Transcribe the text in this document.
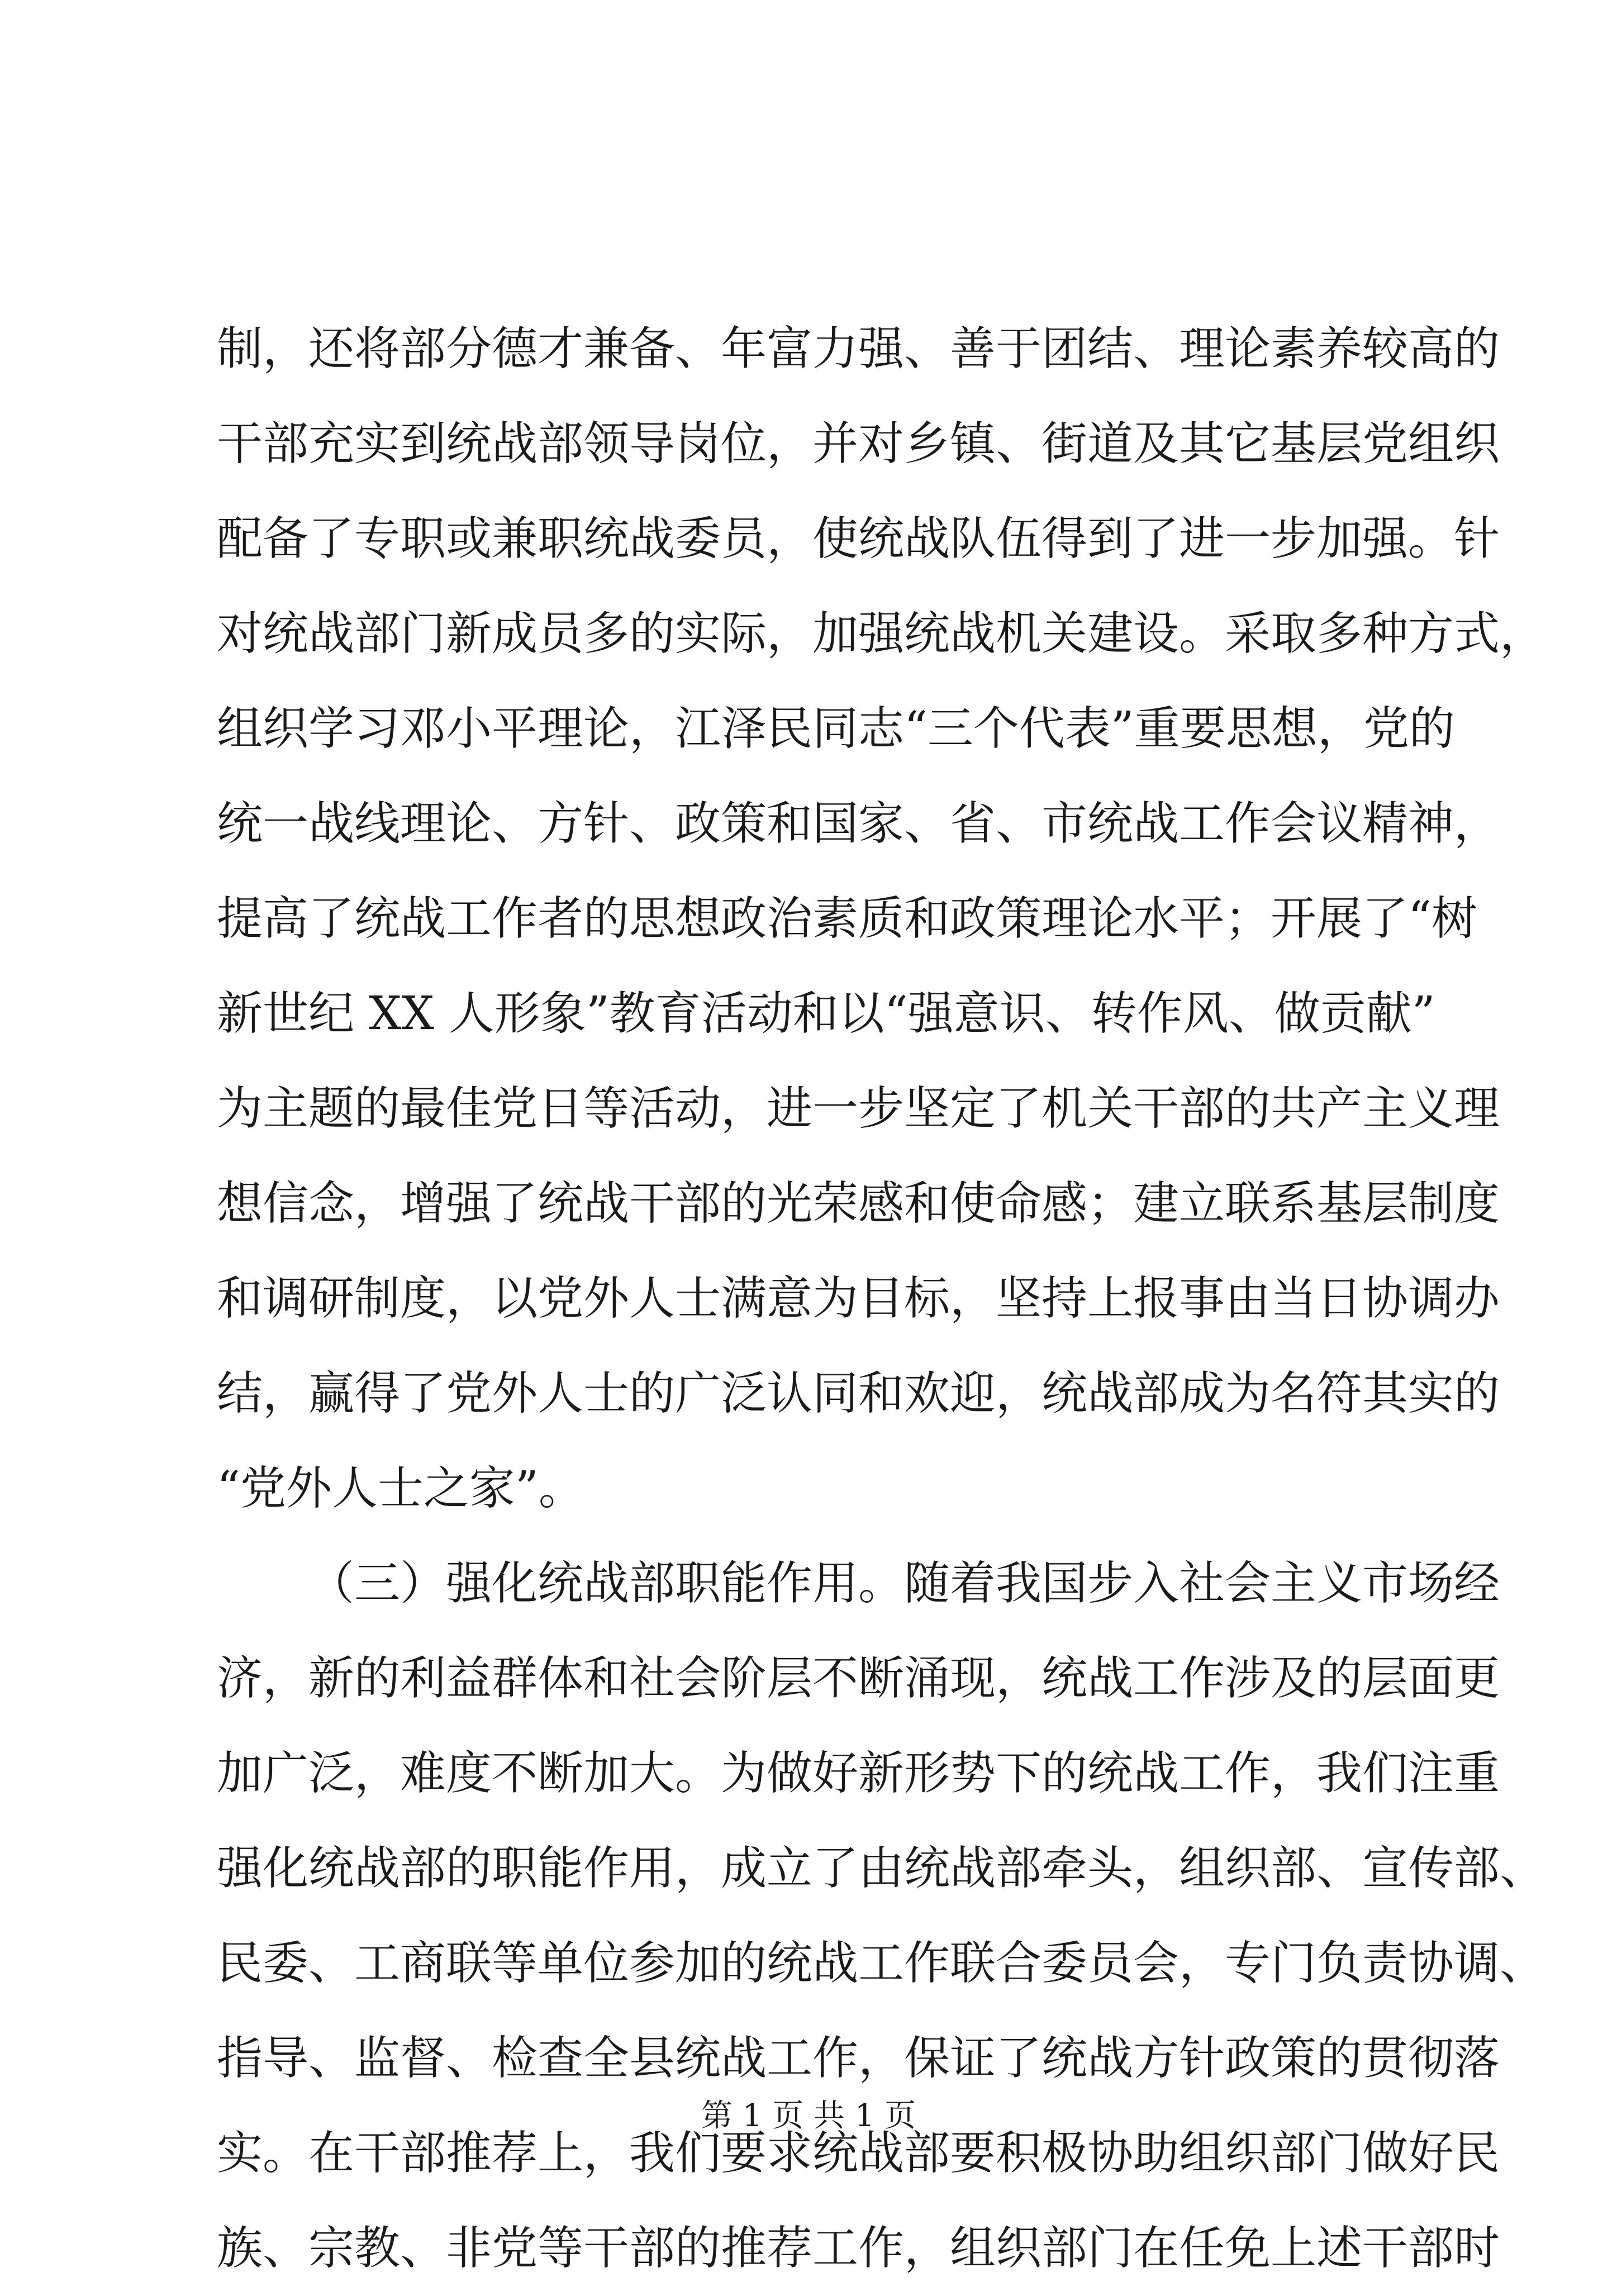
制，还将部分德才兼备、年富力强、善于团结、理论素养较高的
干部充实到统战部领导岗位，并对乡镇、街道及其它基层党组织
配备了专职或兼职统战委员，使统战队伍得到了进一步加强。针
对统战部门新成员多的实际，加强统战机关建设。采取多种方式，
组织学习邓小平理论，江泽民同志“三个代表”重要思想，党的
统一战线理论、方针、政策和国家、省、市统战工作会议精神，
提高了统战工作者的思想政治素质和政策理论水平；开展了“树
新世纪 XX 人形象”教育活动和以“强意识、转作风、做贡献”
为主题的最佳党日等活动，进一步坚定了机关干部的共产主义理
想信念，增强了统战干部的光荣感和使命感；建立联系基层制度
和调研制度，以党外人士满意为目标，坚持上报事由当日协调办
结，赢得了党外人士的广泛认同和欢迎，统战部成为名符其实的
“党外人士之家”。
（三）强化统战部职能作用。随着我国步入社会主义市场经
济，新的利益群体和社会阶层不断涌现，统战工作涉及的层面更
加广泛，难度不断加大。为做好新形势下的统战工作，我们注重
强化统战部的职能作用，成立了由统战部牵头，组织部、宣传部、
民委、工商联等单位参加的统战工作联合委员会，专门负责协调、
指导、监督、检查全县统战工作，保证了统战方针政策的贯彻落
实。在干部推荐上，我们要求统战部要积极协助组织部门做好民
族、宗教、非党等干部的推荐工作，组织部门在任免上述干部时
第 1 页 共 1 页
